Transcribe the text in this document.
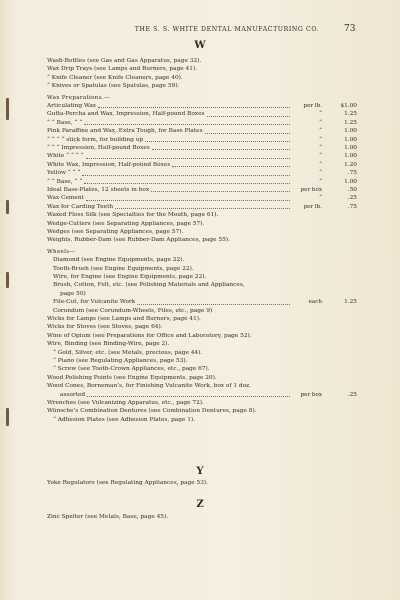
THE S. S. WHITE DENTAL MANUFACTURING CO.	73
W
Wash-Bottles (see Gas and Gas Apparatus, page 32).
Wax Drip Trays (see Lamps and Burners, page 41).
“ Knife Cleaner (see Knife Cleaners, page 40).
“ Knives or Spatulas (see Spatulas, page 59).
Wax Preparations.—
Articulating Wax	per lb.	$1.00
Gutta-Percha and Wax, Impression, Half-pound Boxes	“	1.25
“ “ Base, “ “	“	1.25
Pink Paraffine and Wax, Extra Tough, for Base Plates	“	1.00
“ “ “ “ stick form, for building up	“	1.00
“ “ “ Impression, Half-pound Boxes	“	1.00
White “ “ “ “	“	1.00
White Wax, Impression, Half-pound Boxes	“	1.20
Yellow “ “ “	“	.75
“ “ Base, “ “	“	1.00
Ideal Base-Plates, 12 sheets in box	per box	.50
Wax Cement	“	.25
Wax for Carding Teeth	per lb.	.75
Waxed Floss Silk (see Specialties for the Mouth, page 61).
Wedge-Cutters (see Separating Appliances, page 57).
Wedges (see Separating Appliances, page 57).
Weights, Rubber-Dam (see Rubber-Dam Appliances, page 55).
Wheels—
Diamond (see Engine Equipments, page 22).
Tooth-Brush (see Engine Equipments, page 22).
Wire, for Engine (see Engine Equipments, page 22).
Brush, Cotton, Felt, etc. (see Polishing Materials and Appliances,
page 50)
File-Cut, for Vulcanite Work	each	1.25
Corundum (see Corundum-Wheels, Files, etc., page 9)
Wicks for Lamps (see Lamps and Burners, page 41).
Wicks for Stoves (see Stoves, page 64).
Wine of Opium (see Preparations for Office and Laboratory, page 52).
Wire, Binding (see Binding-Wire, page 2).
“ Gold, Silver, etc. (see Metals, precious, page 44).
“ Piano (see Regulating Appliances, page 53).
“ Screw (see Tooth-Crown Appliances, etc., page 67).
Wood Polishing Points (see Engine Equipments, page 20).
Wood Cones, Borneman’s, for Finishing Vulcanite Work, box of 1 doz.
assorted	per box	.25
Wrenches (see Vulcanizing Apparatus, etc., page 72).
Wünsche’s Combination Dentures (see Combination Dentures, page 8).
“ Adhesion Plates (see Adhesion Plates, page 1).
Y
Yoke Regulators (see Regulating Appliances, page 53).
Z
Zinc Spelter (see Metals, Base, page 45).
